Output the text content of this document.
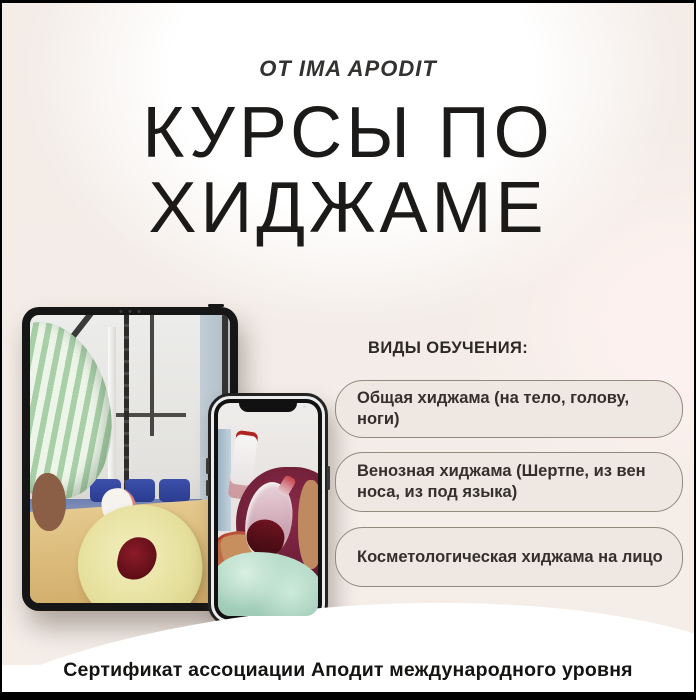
ОТ IMA APODIT
КУРСЫ ПО
ХИДЖАМЕ
ВИДЫ ОБУЧЕНИЯ:
Общая хиджама (на тело, голову, ноги)
Венозная хиджама (Шертпе, из вен носа, из под языка)
Косметологическая хиджама на лицо
Сертификат ассоциации Аподит международного уровня
